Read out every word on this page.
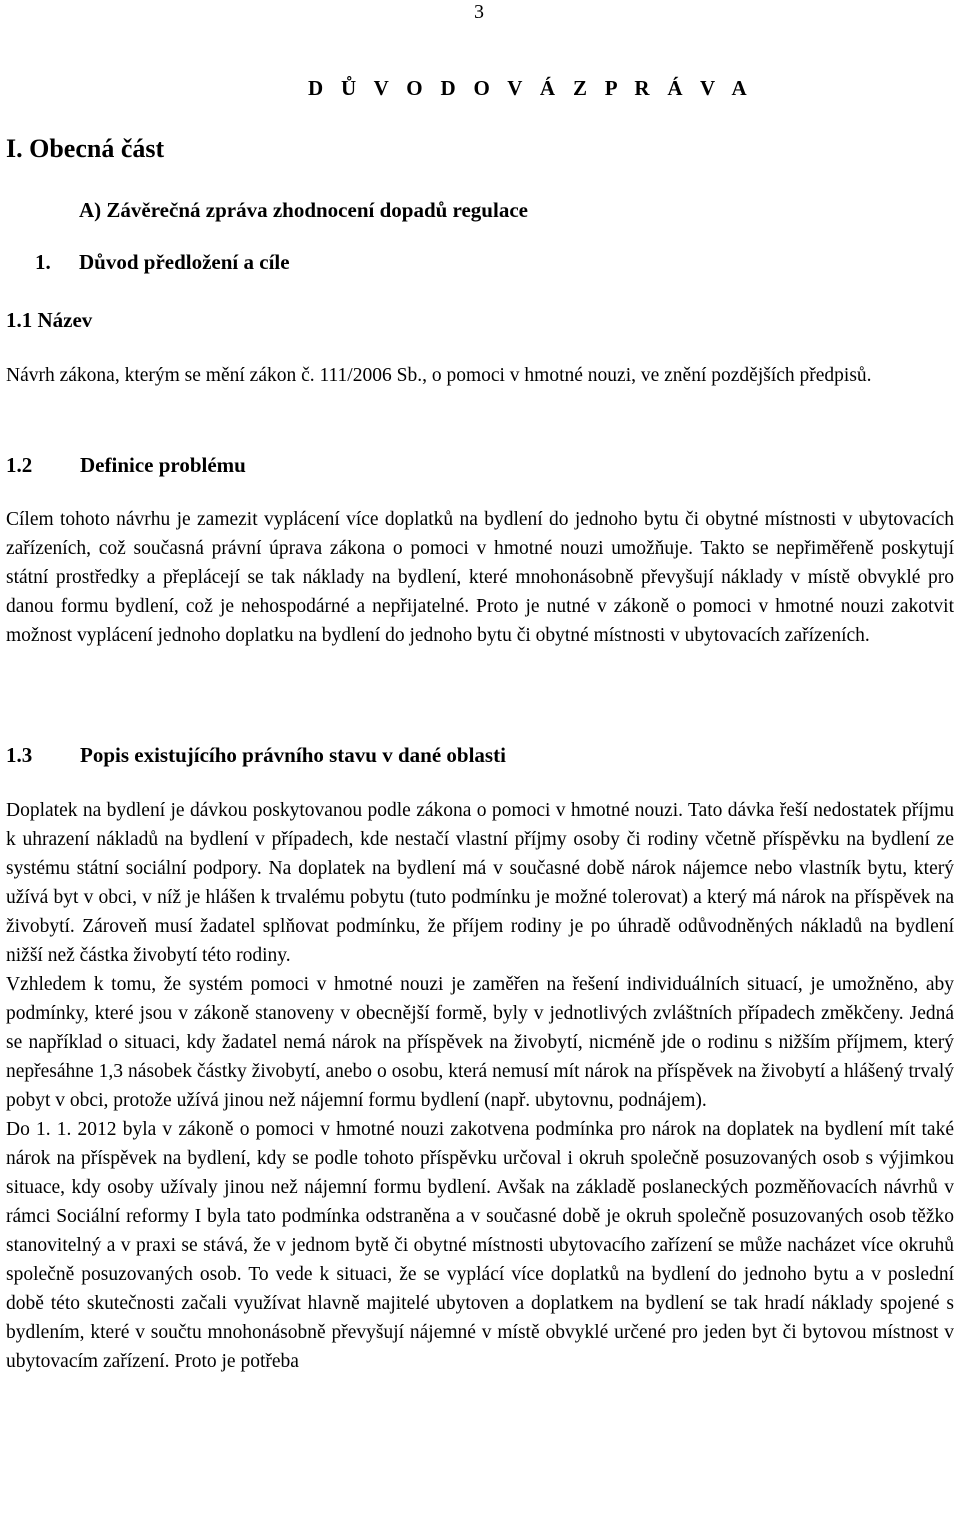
3
D Ů V O D O V Á Z P R Á V A
I. Obecná část
A) Závěrečná zpráva zhodnocení dopadů regulace
1. Důvod předložení a cíle
1.1 Název
Návrh zákona, kterým se mění zákon č. 111/2006 Sb., o pomoci v hmotné nouzi, ve znění pozdějších předpisů.
1.2 Definice problému
Cílem tohoto návrhu je zamezit vyplácení více doplatků na bydlení do jednoho bytu či obytné místnosti v ubytovacích zařízeních, což současná právní úprava zákona o pomoci v hmotné nouzi umožňuje. Takto se nepřiměřeně poskytují státní prostředky a přeplácejí se tak náklady na bydlení, které mnohonásobně převyšují náklady v místě obvyklé pro danou formu bydlení, což je nehospodárné a nepřijatelné. Proto je nutné v zákoně o pomoci v hmotné nouzi zakotvit možnost vyplácení jednoho doplatku na bydlení do jednoho bytu či obytné místnosti v ubytovacích zařízeních.
1.3 Popis existujícího právního stavu v dané oblasti
Doplatek na bydlení je dávkou poskytovanou podle zákona o pomoci v hmotné nouzi. Tato dávka řeší nedostatek příjmu k uhrazení nákladů na bydlení v případech, kde nestačí vlastní příjmy osoby či rodiny včetně příspěvku na bydlení ze systému státní sociální podpory. Na doplatek na bydlení má v současné době nárok nájemce nebo vlastník bytu, který užívá byt v obci, v níž je hlášen k trvalému pobytu (tuto podmínku je možné tolerovat) a který má nárok na příspěvek na živobytí. Zároveň musí žadatel splňovat podmínku, že příjem rodiny je po úhradě odůvodněných nákladů na bydlení nižší než částka živobytí této rodiny.
Vzhledem k tomu, že systém pomoci v hmotné nouzi je zaměřen na řešení individuálních situací, je umožněno, aby podmínky, které jsou v zákoně stanoveny v obecnější formě, byly v jednotlivých zvláštních případech změkčeny. Jedná se například o situaci, kdy žadatel nemá nárok na příspěvek na živobytí, nicméně jde o rodinu s nižším příjmem, který nepřesáhne 1,3 násobek částky živobytí, anebo o osobu, která nemusí mít nárok na příspěvek na živobytí a hlášený trvalý pobyt v obci, protože užívá jinou než nájemní formu bydlení (např. ubytovnu, podnájem).
Do 1. 1. 2012 byla v zákoně o pomoci v hmotné nouzi zakotvena podmínka pro nárok na doplatek na bydlení mít také nárok na příspěvek na bydlení, kdy se podle tohoto příspěvku určoval i okruh společně posuzovaných osob s výjimkou situace, kdy osoby užívaly jinou než nájemní formu bydlení. Avšak na základě poslaneckých pozměňovacích návrhů v rámci Sociální reformy I byla tato podmínka odstraněna a v současné době je okruh společně posuzovaných osob těžko stanovitelný a v praxi se stává, že v jednom bytě či obytné místnosti ubytovacího zařízení se může nacházet více okruhů společně posuzovaných osob. To vede k situaci, že se vyplácí více doplatků na bydlení do jednoho bytu a v poslední době této skutečnosti začali využívat hlavně majitelé ubytoven a doplatkem na bydlení se tak hradí náklady spojené s bydlením, které v součtu mnohonásobně převyšují nájemné v místě obvyklé určené pro jeden byt či bytovou místnost v ubytovacím zařízení. Proto je potřeba
